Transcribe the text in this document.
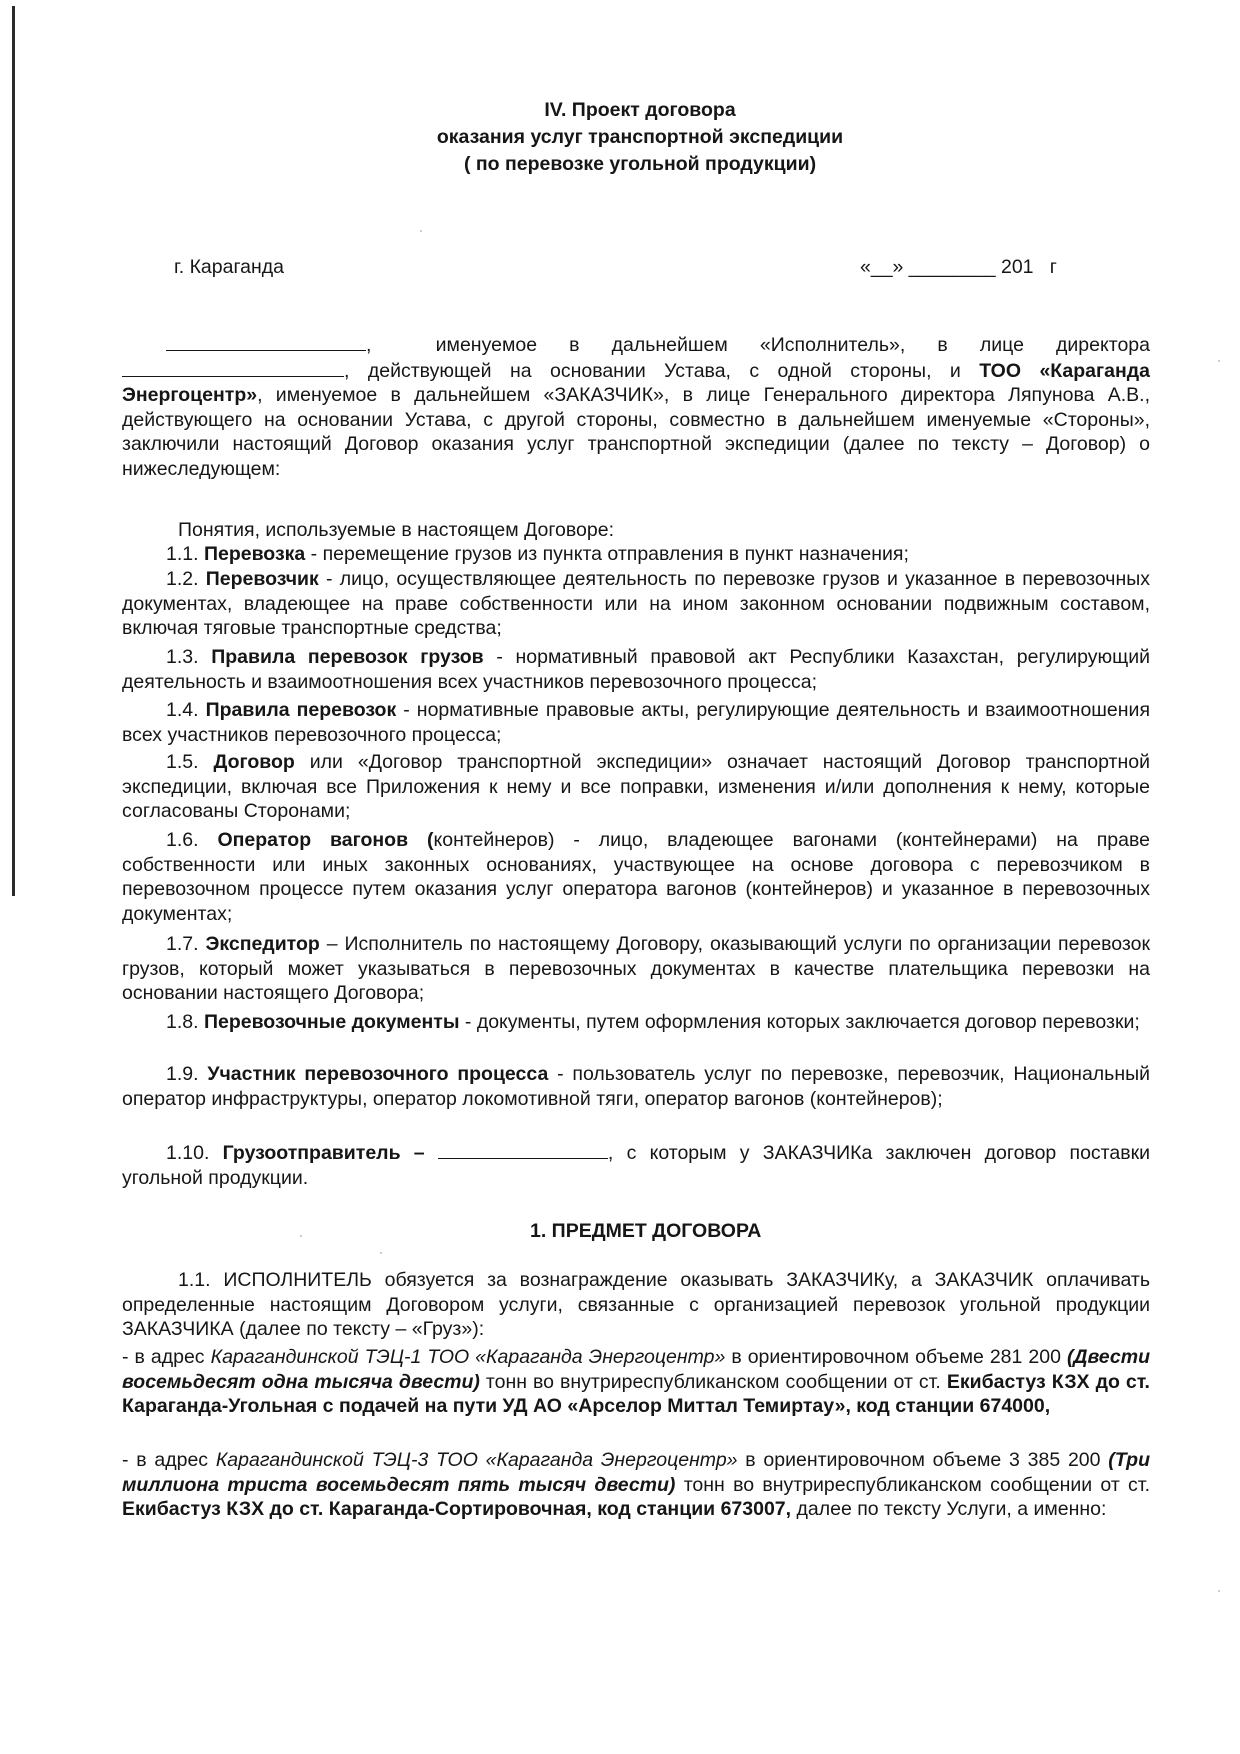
IV. Проект договора
оказания услуг транспортной экспедиции
( по перевозке угольной продукции)
г. Караганда	«__» ________ 201   г
,  именуемое в дальнейшем «Исполнитель», в лице директора , действующей на основании Устава, с одной стороны, и ТОО «Караганда Энергоцентр», именуемое в дальнейшем «ЗАКАЗЧИК», в лице Генерального директора Ляпунова А.В., действующего на основании Устава, с другой стороны, совместно в дальнейшем именуемые «Стороны», заключили настоящий Договор оказания услуг транспортной экспедиции (далее по тексту – Договор) о нижеследующем:
Понятия, используемые в настоящем Договоре:
1.1. Перевозка - перемещение грузов из пункта отправления в пункт назначения;
1.2. Перевозчик - лицо, осуществляющее деятельность по перевозке грузов и указанное в перевозочных документах, владеющее на праве собственности или на ином законном основании подвижным составом, включая тяговые транспортные средства;
1.3. Правила перевозок грузов - нормативный правовой акт Республики Казахстан, регулирующий деятельность и взаимоотношения всех участников перевозочного процесса;
1.4. Правила перевозок - нормативные правовые акты, регулирующие деятельность и взаимоотношения всех участников перевозочного процесса;
1.5. Договор или «Договор транспортной экспедиции» означает настоящий Договор транспортной экспедиции, включая все Приложения к нему и все поправки, изменения и/или дополнения к нему, которые согласованы Сторонами;
1.6. Оператор вагонов (контейнеров) - лицо, владеющее вагонами (контейнерами) на праве собственности или иных законных основаниях, участвующее на основе договора с перевозчиком в перевозочном процессе путем оказания услуг оператора вагонов (контейнеров) и указанное в перевозочных документах;
1.7. Экспедитор – Исполнитель по настоящему Договору, оказывающий услуги по организации перевозок грузов, который может указываться в перевозочных документах в качестве плательщика перевозки на основании настоящего Договора;
1.8. Перевозочные документы - документы, путем оформления которых заключается договор перевозки;
1.9. Участник перевозочного процесса - пользователь услуг по перевозке, перевозчик, Национальный оператор инфраструктуры, оператор локомотивной тяги, оператор вагонов (контейнеров);
1.10. Грузоотправитель –	, с которым у ЗАКАЗЧИКа заключен договор поставки угольной продукции.
1. ПРЕДМЕТ ДОГОВОРА
1.1. ИСПОЛНИТЕЛЬ обязуется за вознаграждение оказывать ЗАКАЗЧИКу, а ЗАКАЗЧИК оплачивать определенные настоящим Договором услуги, связанные с организацией перевозок угольной продукции ЗАКАЗЧИКА (далее по тексту – «Груз»):
- в адрес Карагандинской ТЭЦ-1 ТОО «Караганда Энергоцентр» в ориентировочном объеме 281 200 (Двести восемьдесят одна тысяча двести) тонн во внутриреспубликанском сообщении от ст. Екибастуз КЗХ до ст. Караганда-Угольная с подачей на пути УД АО «Арселор Миттал Темиртау», код станции 674000,
- в адрес Карагандинской ТЭЦ-3 ТОО «Караганда Энергоцентр» в ориентировочном объеме 3 385 200 (Три миллиона триста восемьдесят пять тысяч двести) тонн во внутриреспубликанском сообщении от ст. Екибастуз КЗХ до ст. Караганда-Сортировочная, код станции 673007, далее по тексту Услуги, а именно:
